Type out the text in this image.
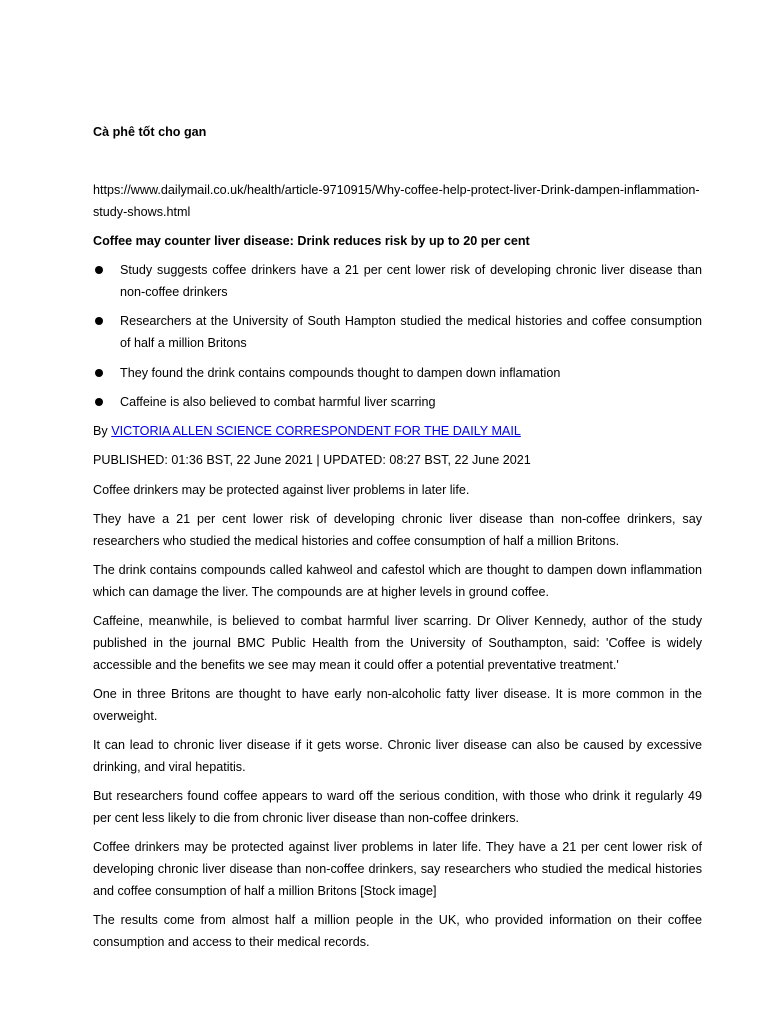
Cà phê tốt cho gan
https://www.dailymail.co.uk/health/article-9710915/Why-coffee-help-protect-liver-Drink-dampen-inflammation-study-shows.html
Coffee may counter liver disease: Drink reduces risk by up to 20 per cent
Study suggests coffee drinkers have a 21 per cent lower risk of developing chronic liver disease than non-coffee drinkers
Researchers at the University of South Hampton studied the medical histories and coffee consumption of half a million Britons
They found the drink contains compounds thought to dampen down inflamation
Caffeine is also believed to combat harmful liver scarring

By VICTORIA ALLEN SCIENCE CORRESPONDENT FOR THE DAILY MAIL

PUBLISHED: 01:36 BST, 22 June 2021 | UPDATED: 08:27 BST, 22 June 2021

Coffee drinkers may be protected against liver problems in later life.

They have a 21 per cent lower risk of developing chronic liver disease than non-coffee drinkers, say researchers who studied the medical histories and coffee consumption of half a million Britons.

The drink contains compounds called kahweol and cafestol which are thought to dampen down inflammation which can damage the liver. The compounds are at higher levels in ground coffee.

Caffeine, meanwhile, is believed to combat harmful liver scarring. Dr Oliver Kennedy, author of the study published in the journal BMC Public Health from the University of Southampton, said: 'Coffee is widely accessible and the benefits we see may mean it could offer a potential preventative treatment.'

One in three Britons are thought to have early non-alcoholic fatty liver disease. It is more common in the overweight.

It can lead to chronic liver disease if it gets worse. Chronic liver disease can also be caused by excessive drinking, and viral hepatitis.

But researchers found coffee appears to ward off the serious condition, with those who drink it regularly 49 per cent less likely to die from chronic liver disease than non-coffee drinkers.

Coffee drinkers may be protected against liver problems in later life. They have a 21 per cent lower risk of developing chronic liver disease than non-coffee drinkers, say researchers who studied the medical histories and coffee consumption of half a million Britons [Stock image]

The results come from almost half a million people in the UK, who provided information on their coffee consumption and access to their medical records.
